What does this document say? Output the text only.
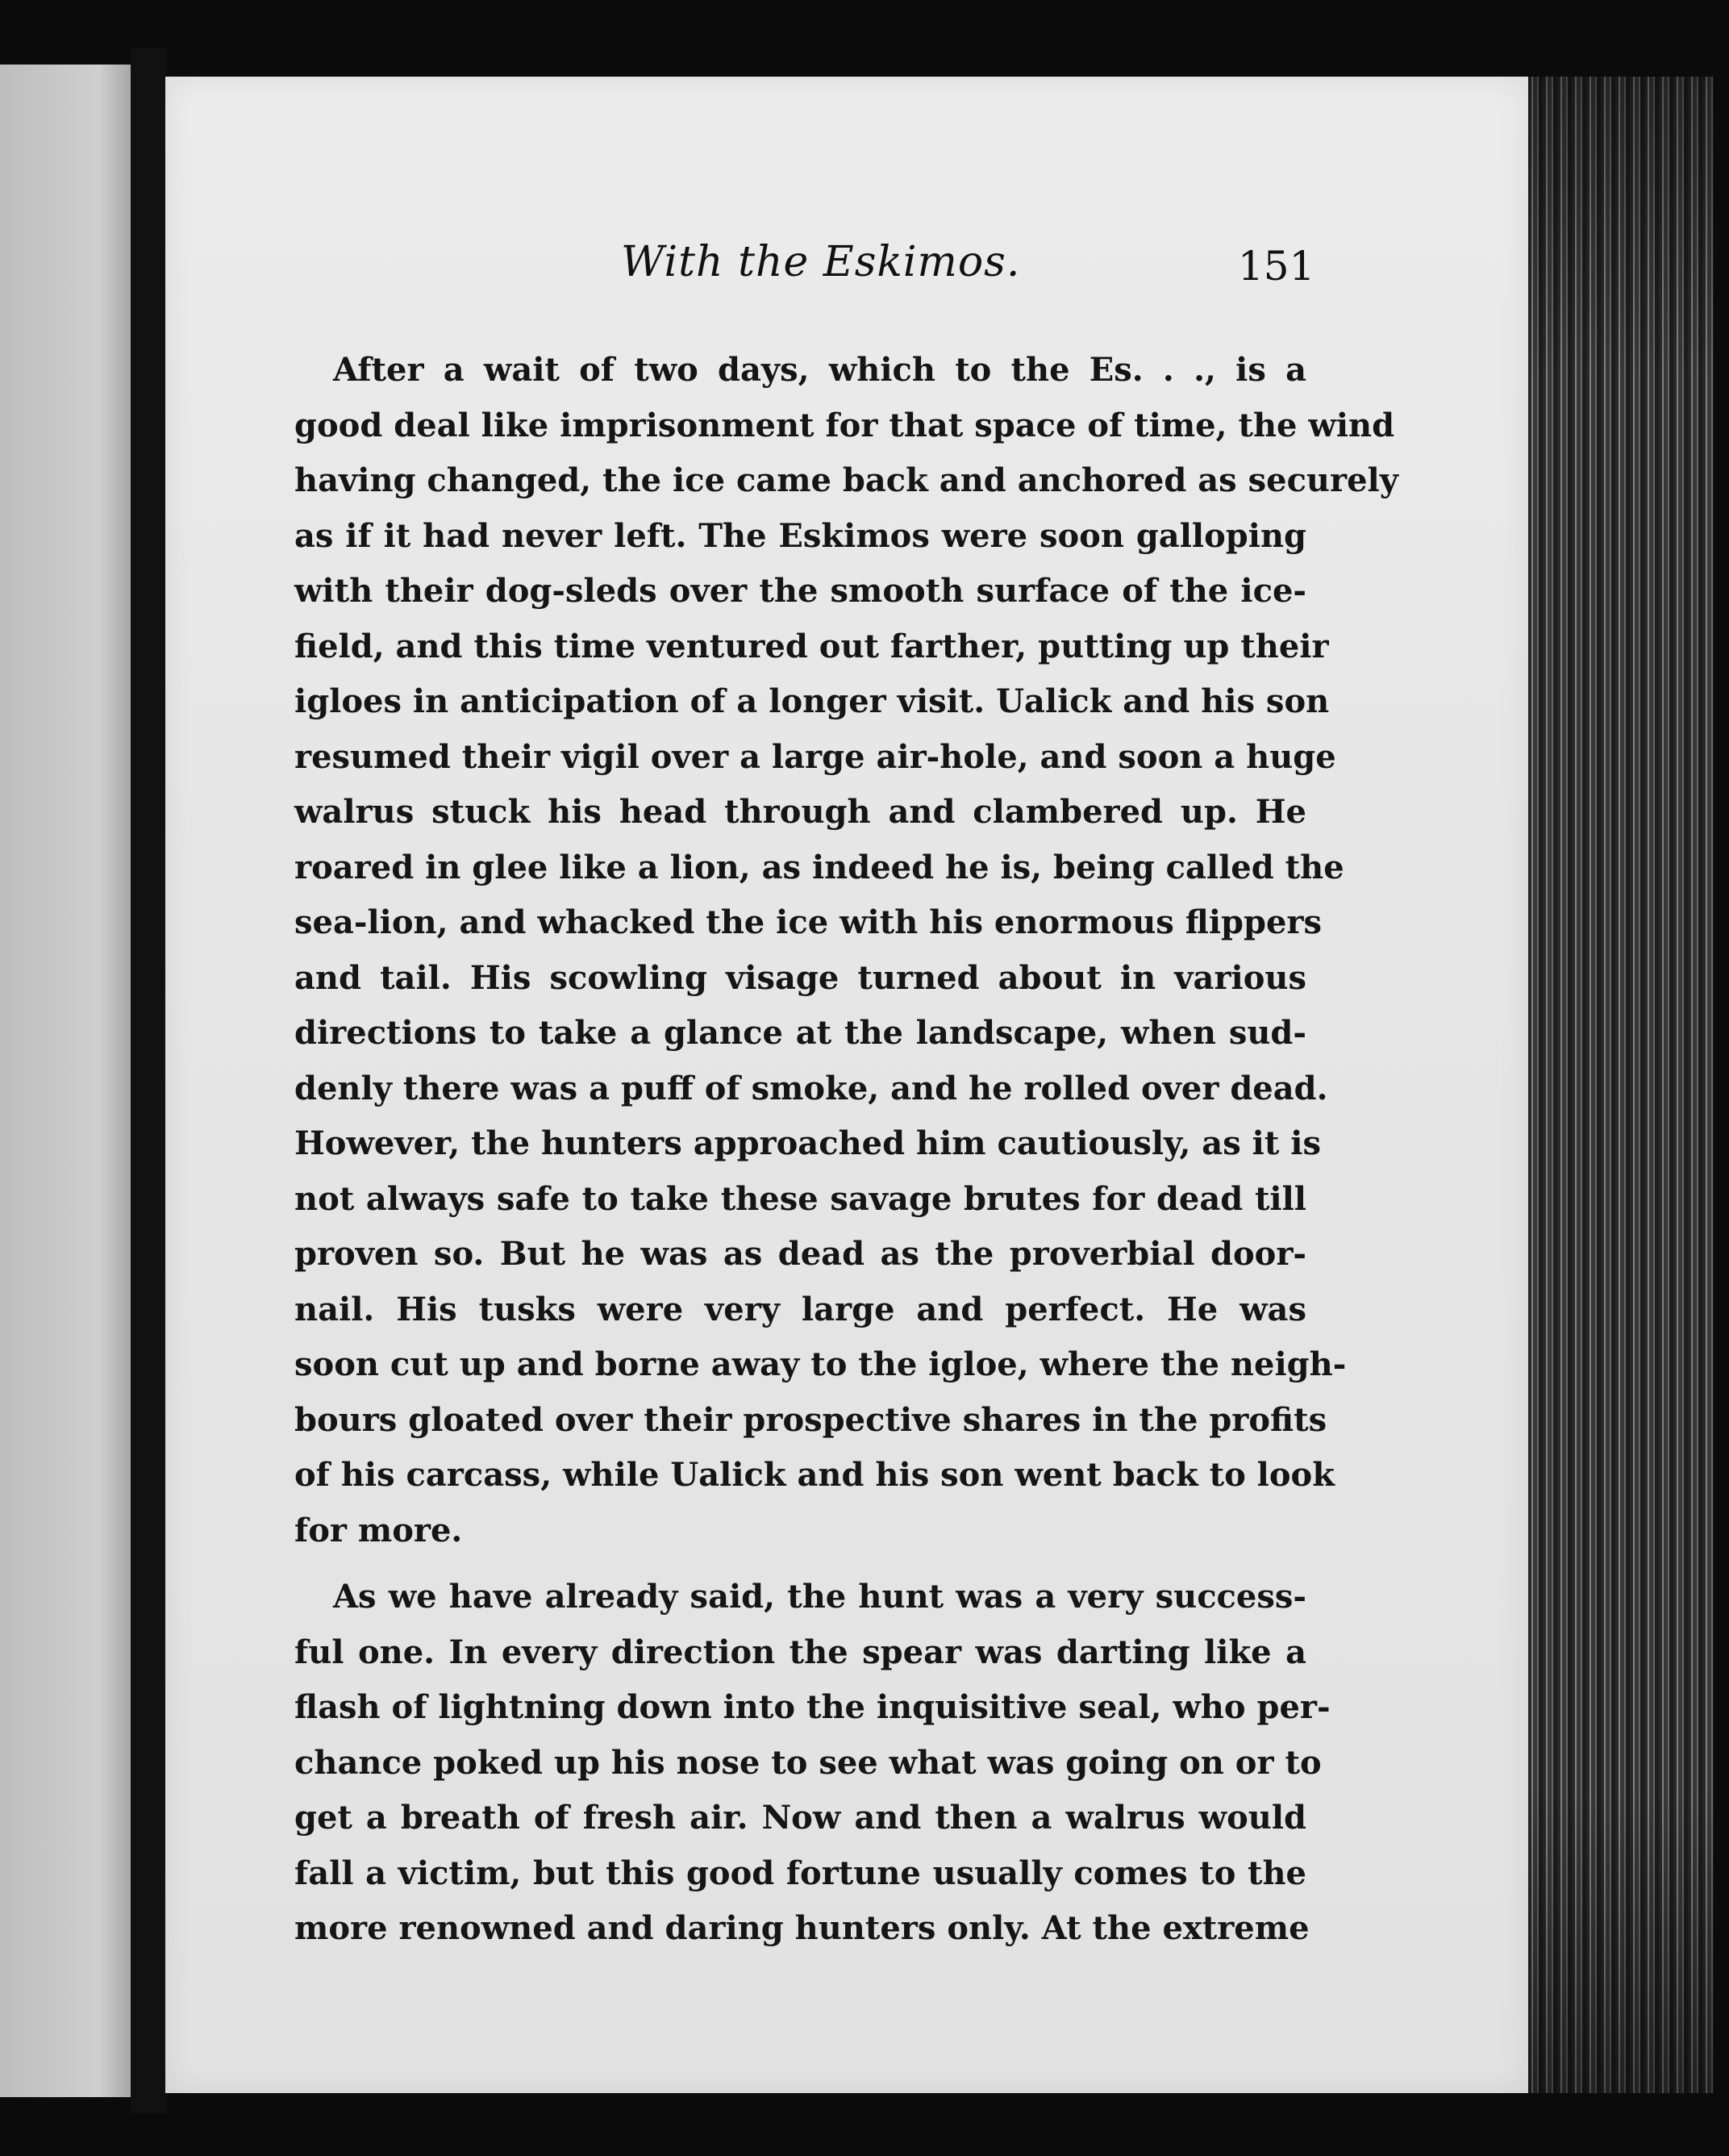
With the Eskimos.	151

After a wait of two days, which to the Es. . ., is a
good deal like imprisonment for that space of time, the wind
having changed, the ice came back and anchored as securely
as if it had never left. The Eskimos were soon galloping
with their dog-sleds over the smooth surface of the ice-
field, and this time ventured out farther, putting up their
igloes in anticipation of a longer visit. Ualick and his son
resumed their vigil over a large air-hole, and soon a huge
walrus stuck his head through and clambered up. He
roared in glee like a lion, as indeed he is, being called the
sea-lion, and whacked the ice with his enormous flippers
and tail. His scowling visage turned about in various
directions to take a glance at the landscape, when sud-
denly there was a puff of smoke, and he rolled over dead.
However, the hunters approached him cautiously, as it is
not always safe to take these savage brutes for dead till
proven so. But he was as dead as the proverbial door-
nail. His tusks were very large and perfect. He was
soon cut up and borne away to the igloe, where the neigh-
bours gloated over their prospective shares in the profits
of his carcass, while Ualick and his son went back to look
for more.

As we have already said, the hunt was a very success-
ful one. In every direction the spear was darting like a
flash of lightning down into the inquisitive seal, who per-
chance poked up his nose to see what was going on or to
get a breath of fresh air. Now and then a walrus would
fall a victim, but this good fortune usually comes to the
more renowned and daring hunters only. At the extreme
